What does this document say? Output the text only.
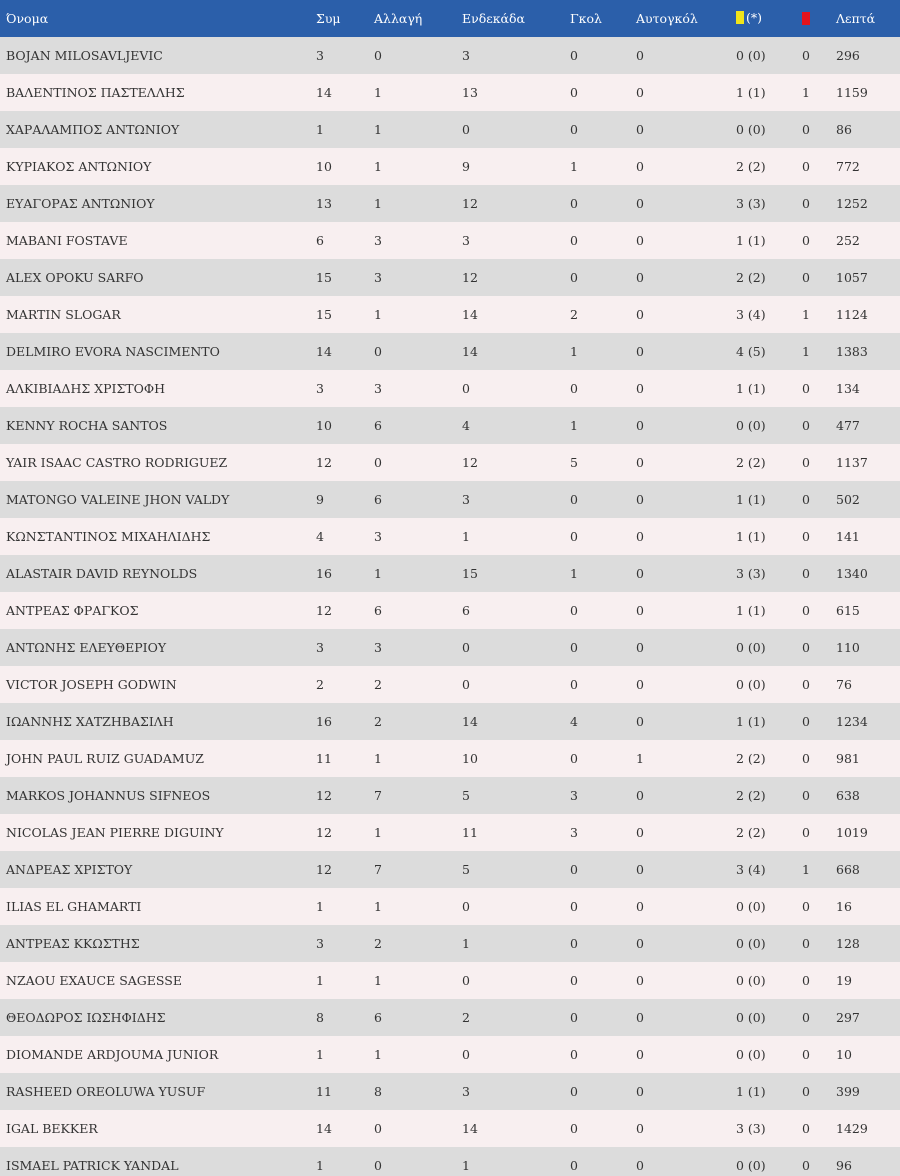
Όνομα	Συμ	Αλλαγή	Ενδεκάδα	Γκολ	Αυτογκόλ	(*)		Λεπτά
BOJAN MILOSAVLJEVIC	3	0	3	0	0	0 (0)	0	296
ΒΑΛΕΝΤΙΝΟΣ ΠΑΣΤΕΛΛΗΣ	14	1	13	0	0	1 (1)	1	1159
ΧΑΡΑΛΑΜΠΟΣ ΑΝΤΩΝΙΟΥ	1	1	0	0	0	0 (0)	0	86
ΚΥΡΙΑΚΟΣ ΑΝΤΩΝΙΟΥ	10	1	9	1	0	2 (2)	0	772
ΕΥΑΓΟΡΑΣ ΑΝΤΩΝΙΟΥ	13	1	12	0	0	3 (3)	0	1252
MABANI FOSTAVE	6	3	3	0	0	1 (1)	0	252
ALEX OPOKU SARFO	15	3	12	0	0	2 (2)	0	1057
MARTIN SLOGAR	15	1	14	2	0	3 (4)	1	1124
DELMIRO EVORA NASCIMENTO	14	0	14	1	0	4 (5)	1	1383
ΑΛΚΙΒΙΑΔΗΣ ΧΡΙΣΤΟΦΗ	3	3	0	0	0	1 (1)	0	134
KENNY ROCHA SANTOS	10	6	4	1	0	0 (0)	0	477
YAIR ISAAC CASTRO RODRIGUEZ	12	0	12	5	0	2 (2)	0	1137
MATONGO VALEINE JHON VALDY	9	6	3	0	0	1 (1)	0	502
ΚΩΝΣΤΑΝΤΙΝΟΣ ΜΙΧΑΗΛΙΔΗΣ	4	3	1	0	0	1 (1)	0	141
ALASTAIR DAVID REYNOLDS	16	1	15	1	0	3 (3)	0	1340
ΑΝΤΡΕΑΣ ΦΡΑΓΚΟΣ	12	6	6	0	0	1 (1)	0	615
ΑΝΤΩΝΗΣ ΕΛΕΥΘΕΡΙΟΥ	3	3	0	0	0	0 (0)	0	110
VICTOR JOSEPH GODWIN	2	2	0	0	0	0 (0)	0	76
ΙΩΑΝΝΗΣ ΧΑΤΖΗΒΑΣΙΛΗ	16	2	14	4	0	1 (1)	0	1234
JOHN PAUL RUIZ GUADAMUZ	11	1	10	0	1	2 (2)	0	981
MARKOS JOHANNUS SIFNEOS	12	7	5	3	0	2 (2)	0	638
NICOLAS JEAN PIERRE DIGUINY	12	1	11	3	0	2 (2)	0	1019
ΑΝΔΡΕΑΣ ΧΡΙΣΤΟΥ	12	7	5	0	0	3 (4)	1	668
ILIAS EL GHAMARTI	1	1	0	0	0	0 (0)	0	16
ΑΝΤΡΕΑΣ ΚΚΩΣΤΗΣ	3	2	1	0	0	0 (0)	0	128
NZAOU EXAUCE SAGESSE	1	1	0	0	0	0 (0)	0	19
ΘΕΟΔΩΡΟΣ ΙΩΣΗΦΙΔΗΣ	8	6	2	0	0	0 (0)	0	297
DIOMANDE ARDJOUMA JUNIOR	1	1	0	0	0	0 (0)	0	10
RASHEED OREOLUWA YUSUF	11	8	3	0	0	1 (1)	0	399
IGAL BEKKER	14	0	14	0	0	3 (3)	0	1429
ISMAEL PATRICK YANDAL	1	0	1	0	0	0 (0)	0	96
